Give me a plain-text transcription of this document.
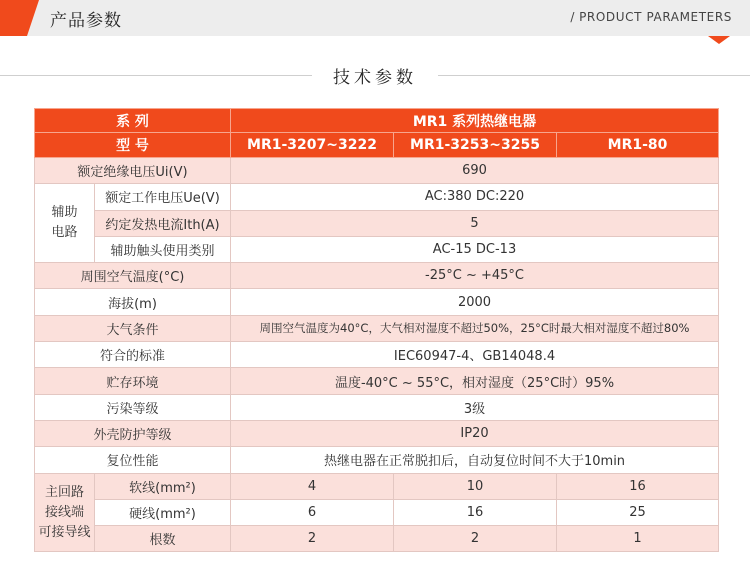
产品参数	/ PRODUCT PARAMETERS
技术参数
系 列		MR1 系列热继电器		
型 号		MR1-3207~3222	MR1-3253~3255	MR1-80
额定绝缘电压Ui(V)		690		
辅助
电路	额定工作电压Ue(V)	AC:380 DC:220		
	约定发热电流Ith(A)	5		
	辅助触头使用类别	AC-15 DC-13		
周围空气温度(°C)		-25°C ~ +45°C		
海拔(m)		2000		
大气条件		周围空气温度为40°C，大气相对湿度不超过50%，25°C时最大相对湿度不超过80%		
符合的标准		IEC60947-4、GB14048.4		
贮存环境		温度-40°C ~ 55°C，相对湿度（25°C时）95%		
污染等级		3级		
外壳防护等级		IP20		
复位性能		热继电器在正常脱扣后，自动复位时间不大于10min		
主回路
接线端
可接导线	软线(mm²)	4	10	16
	硬线(mm²)	6	16	25
	根数	2	2	1
